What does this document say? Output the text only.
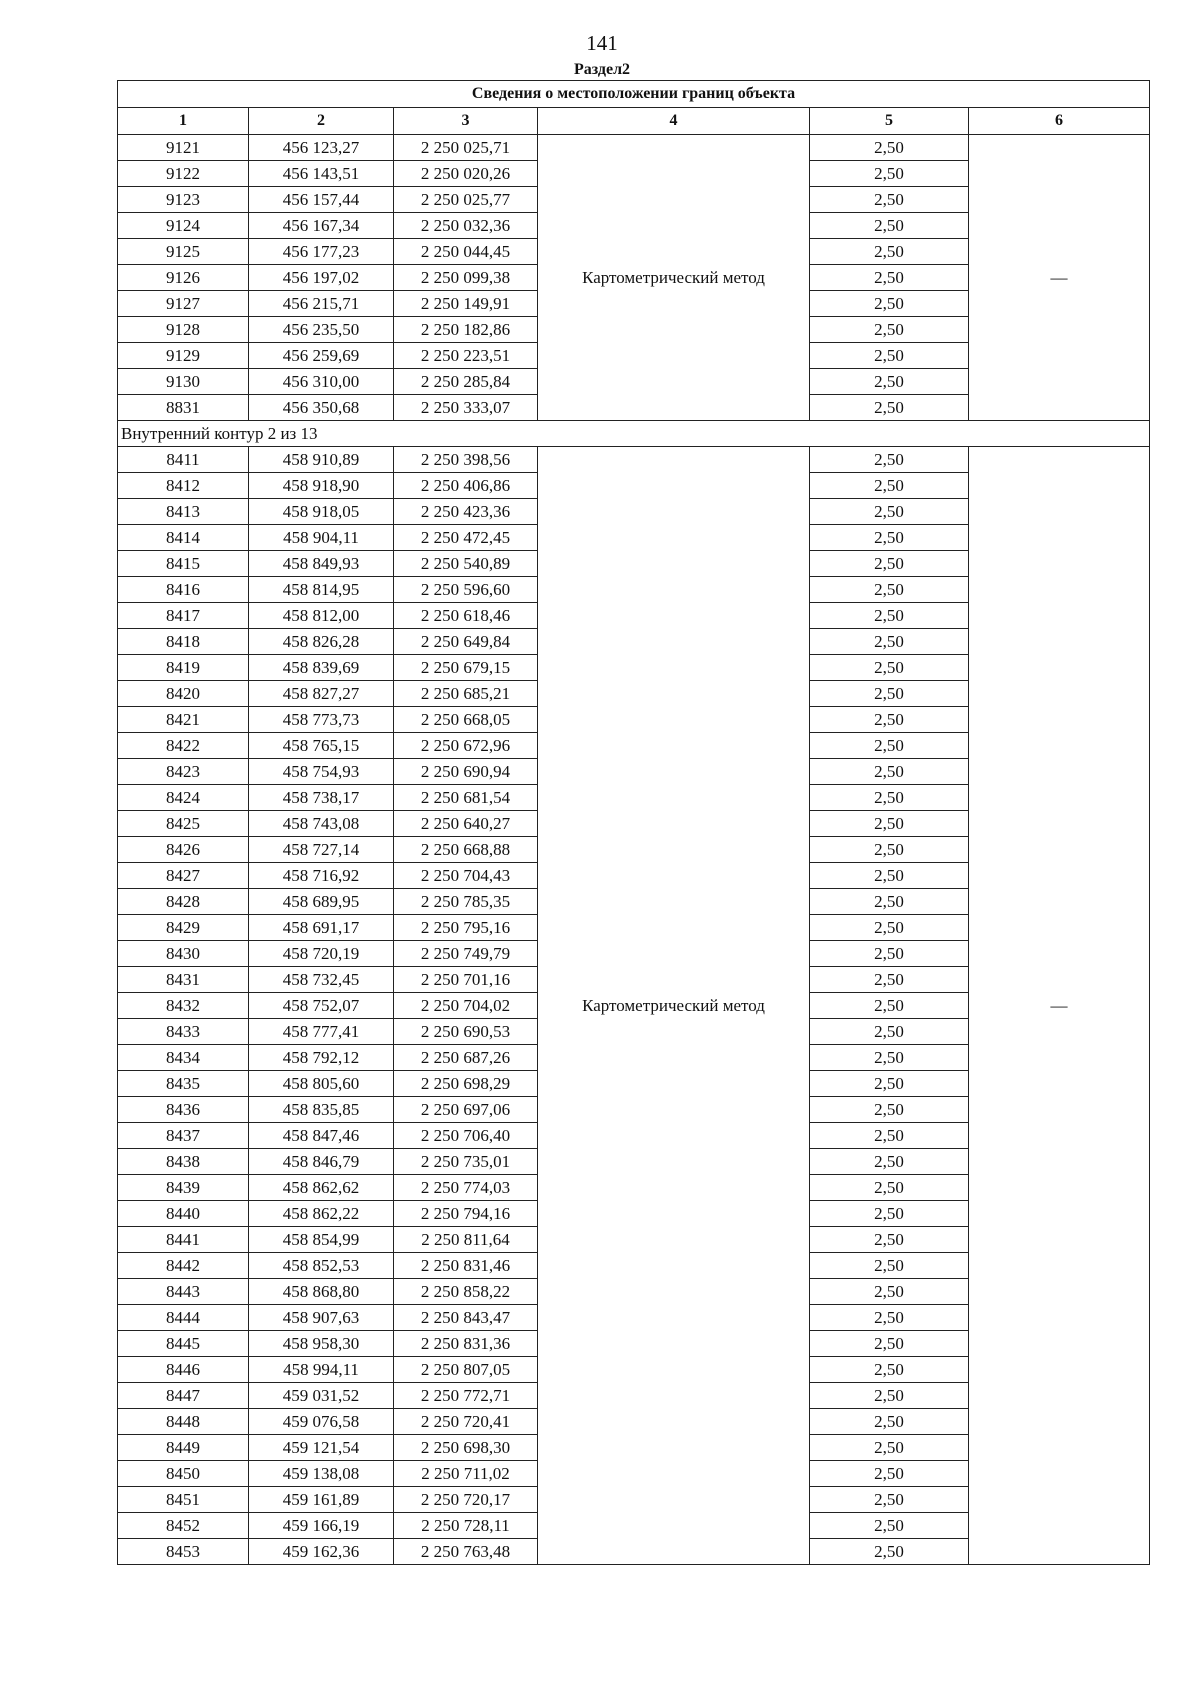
141
Раздел2
Сведения о местоположении границ объекта					
1	2	3	4	5	6
9121	456 123,27	2 250 025,71	Картометрический метод	2,50	—
9122	456 143,51	2 250 020,26		2,50	
9123	456 157,44	2 250 025,77		2,50	
9124	456 167,34	2 250 032,36		2,50	
9125	456 177,23	2 250 044,45		2,50	
9126	456 197,02	2 250 099,38		2,50	
9127	456 215,71	2 250 149,91		2,50	
9128	456 235,50	2 250 182,86		2,50	
9129	456 259,69	2 250 223,51		2,50	
9130	456 310,00	2 250 285,84		2,50	
8831	456 350,68	2 250 333,07		2,50	
Внутренний контур 2 из 13					
8411	458 910,89	2 250 398,56	Картометрический метод	2,50	—
8412	458 918,90	2 250 406,86		2,50	
8413	458 918,05	2 250 423,36		2,50	
8414	458 904,11	2 250 472,45		2,50	
8415	458 849,93	2 250 540,89		2,50	
8416	458 814,95	2 250 596,60		2,50	
8417	458 812,00	2 250 618,46		2,50	
8418	458 826,28	2 250 649,84		2,50	
8419	458 839,69	2 250 679,15		2,50	
8420	458 827,27	2 250 685,21		2,50	
8421	458 773,73	2 250 668,05		2,50	
8422	458 765,15	2 250 672,96		2,50	
8423	458 754,93	2 250 690,94		2,50	
8424	458 738,17	2 250 681,54		2,50	
8425	458 743,08	2 250 640,27		2,50	
8426	458 727,14	2 250 668,88		2,50	
8427	458 716,92	2 250 704,43		2,50	
8428	458 689,95	2 250 785,35		2,50	
8429	458 691,17	2 250 795,16		2,50	
8430	458 720,19	2 250 749,79		2,50	
8431	458 732,45	2 250 701,16		2,50	
8432	458 752,07	2 250 704,02		2,50	
8433	458 777,41	2 250 690,53		2,50	
8434	458 792,12	2 250 687,26		2,50	
8435	458 805,60	2 250 698,29		2,50	
8436	458 835,85	2 250 697,06		2,50	
8437	458 847,46	2 250 706,40		2,50	
8438	458 846,79	2 250 735,01		2,50	
8439	458 862,62	2 250 774,03		2,50	
8440	458 862,22	2 250 794,16		2,50	
8441	458 854,99	2 250 811,64		2,50	
8442	458 852,53	2 250 831,46		2,50	
8443	458 868,80	2 250 858,22		2,50	
8444	458 907,63	2 250 843,47		2,50	
8445	458 958,30	2 250 831,36		2,50	
8446	458 994,11	2 250 807,05		2,50	
8447	459 031,52	2 250 772,71		2,50	
8448	459 076,58	2 250 720,41		2,50	
8449	459 121,54	2 250 698,30		2,50	
8450	459 138,08	2 250 711,02		2,50	
8451	459 161,89	2 250 720,17		2,50	
8452	459 166,19	2 250 728,11		2,50	
8453	459 162,36	2 250 763,48		2,50	
